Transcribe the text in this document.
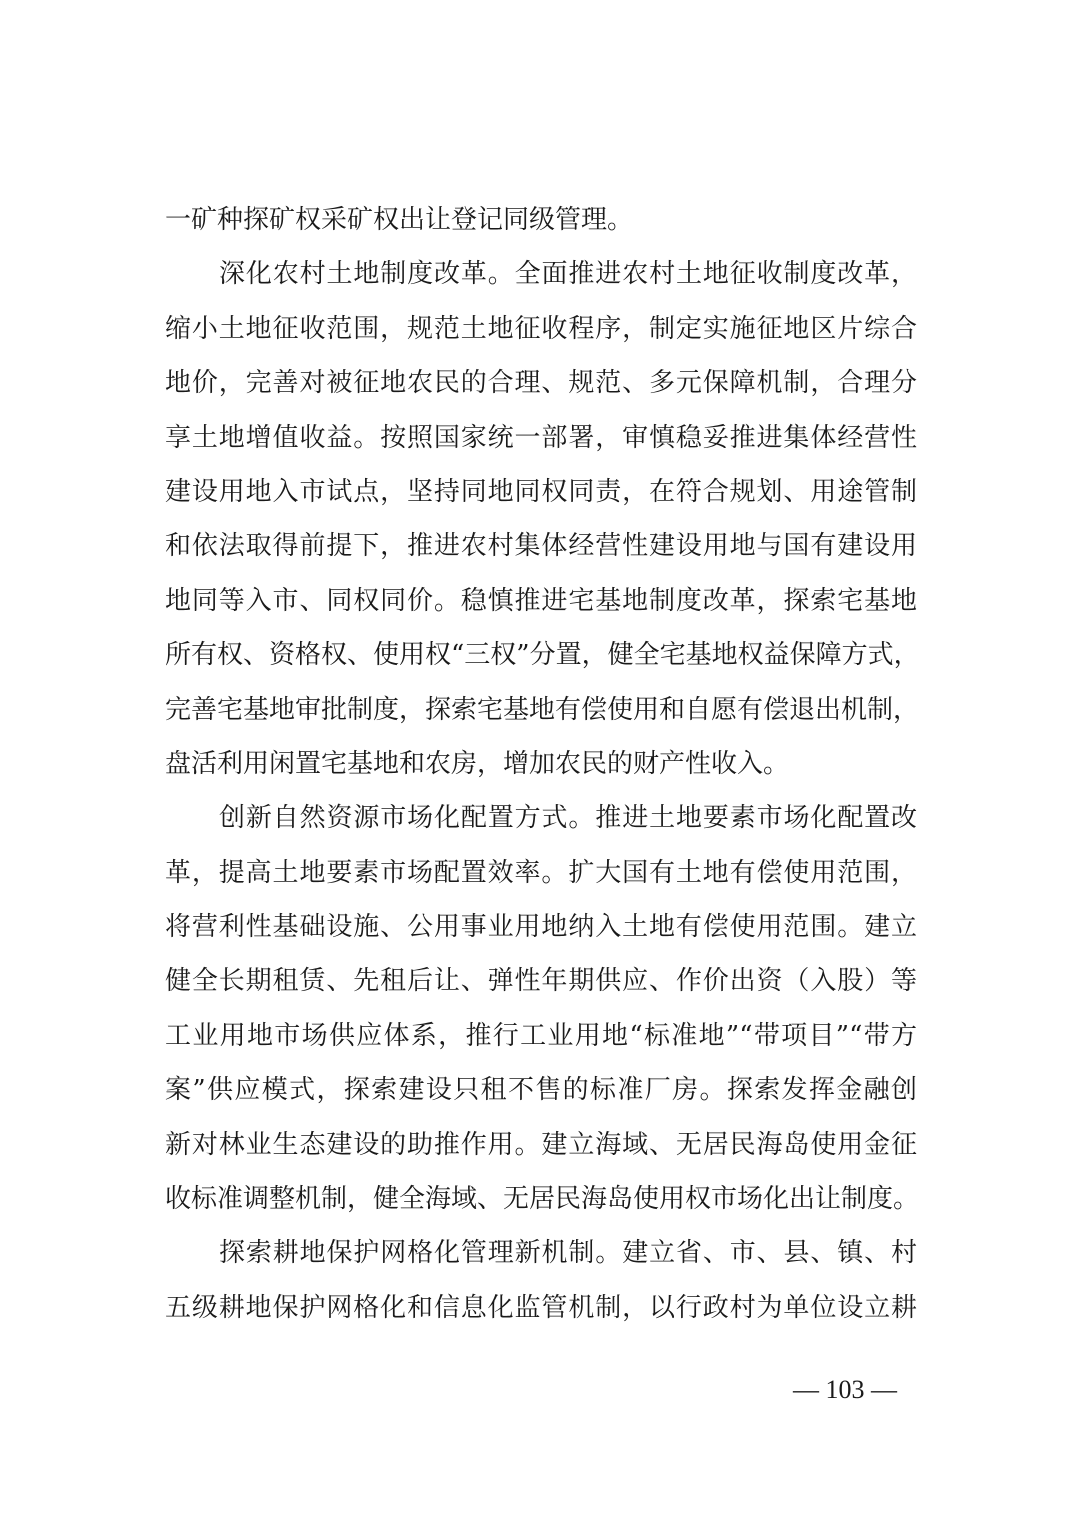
一矿种探矿权采矿权出让登记同级管理。
深化农村土地制度改革。全面推进农村土地征收制度改革，
缩小土地征收范围，规范土地征收程序，制定实施征地区片综合
地价，完善对被征地农民的合理、规范、多元保障机制，合理分
享土地增值收益。按照国家统一部署，审慎稳妥推进集体经营性
建设用地入市试点，坚持同地同权同责，在符合规划、用途管制
和依法取得前提下，推进农村集体经营性建设用地与国有建设用
地同等入市、同权同价。稳慎推进宅基地制度改革，探索宅基地
所有权、资格权、使用权“三权”分置，健全宅基地权益保障方式，
完善宅基地审批制度，探索宅基地有偿使用和自愿有偿退出机制，
盘活利用闲置宅基地和农房，增加农民的财产性收入。
创新自然资源市场化配置方式。推进土地要素市场化配置改
革，提高土地要素市场配置效率。扩大国有土地有偿使用范围，
将营利性基础设施、公用事业用地纳入土地有偿使用范围。建立
健全长期租赁、先租后让、弹性年期供应、作价出资（入股）等
工业用地市场供应体系，推行工业用地“标准地”“带项目”“带方
案”供应模式，探索建设只租不售的标准厂房。探索发挥金融创
新对林业生态建设的助推作用。建立海域、无居民海岛使用金征
收标准调整机制，健全海域、无居民海岛使用权市场化出让制度。
探索耕地保护网格化管理新机制。建立省、市、县、镇、村
五级耕地保护网格化和信息化监管机制，以行政村为单位设立耕
— 103 —
